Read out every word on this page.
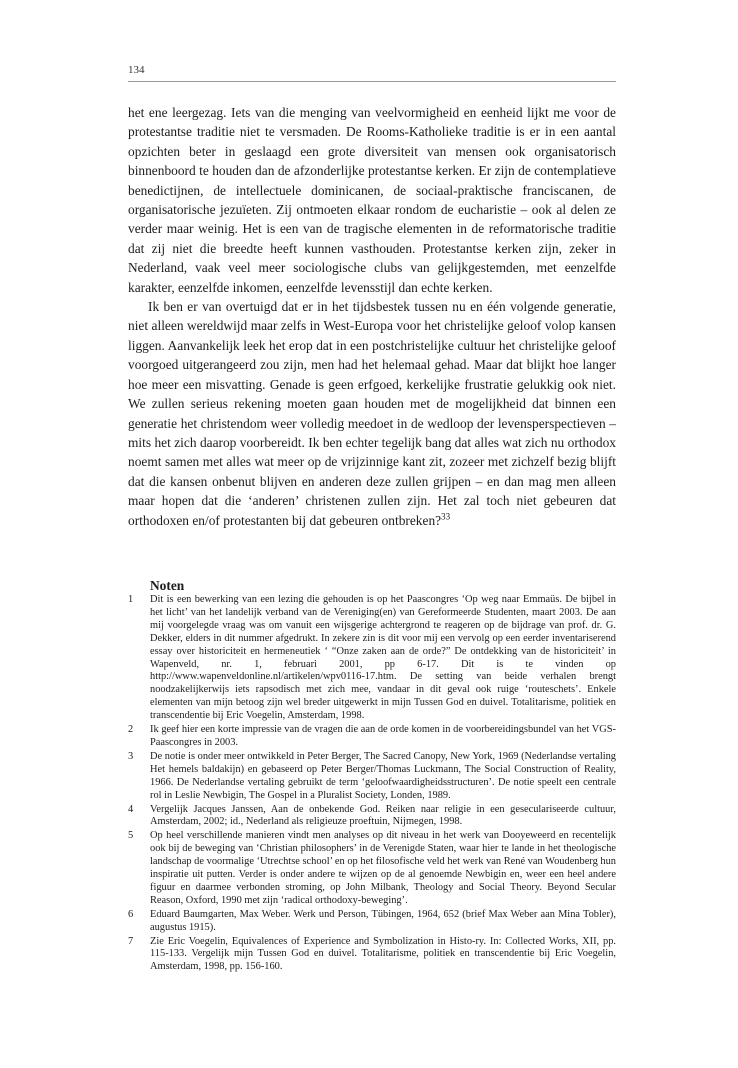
134

het ene leergezag. Iets van die menging van veelvormigheid en eenheid lijkt me voor de protestantse traditie niet te versmaden. De Rooms-Katholieke traditie is er in een aantal opzichten beter in geslaagd een grote diversiteit van mensen ook organisatorisch binnenboord te houden dan de afzonderlijke protestantse kerken. Er zijn de contemplatieve benedictijnen, de intellectuele dominicanen, de sociaal-praktische franciscanen, de organisatorische jezuïeten. Zij ontmoeten elkaar rondom de eucharistie – ook al delen ze verder maar weinig. Het is een van de tragische elementen in de reformatorische traditie dat zij niet die breedte heeft kunnen vasthouden. Protestantse kerken zijn, zeker in Nederland, vaak veel meer sociologische clubs van gelijkgestemden, met eenzelfde karakter, eenzelfde inkomen, eenzelfde levensstijl dan echte kerken.

Ik ben er van overtuigd dat er in het tijdsbestek tussen nu en één volgende generatie, niet alleen wereldwijd maar zelfs in West-Europa voor het christelijke geloof volop kansen liggen. Aanvankelijk leek het erop dat in een postchristelijke cultuur het christelijke geloof voorgoed uitgerangeerd zou zijn, men had het helemaal gehad. Maar dat blijkt hoe langer hoe meer een misvatting. Genade is geen erfgoed, kerkelijke frustratie gelukkig ook niet. We zullen serieus rekening moeten gaan houden met de mogelijkheid dat binnen een generatie het christendom weer volledig meedoet in de wedloop der levensperspectieven – mits het zich daarop voorbereidt. Ik ben echter tegelijk bang dat alles wat zich nu orthodox noemt samen met alles wat meer op de vrijzinnige kant zit, zozeer met zichzelf bezig blijft dat die kansen onbenut blijven en anderen deze zullen grijpen – en dan mag men alleen maar hopen dat die ‘anderen’ christenen zullen zijn. Het zal toch niet gebeuren dat orthodoxen en/of protestanten bij dat gebeuren ontbreken?$^{33}$

Noten
1	Dit is een bewerking van een lezing die gehouden is op het Paascongres ‘Op weg naar Emmaüs. De bijbel in het licht’ van het landelijk verband van de Vereniging(en) van Gereformeerde Studenten, maart 2003. De aan mij voorgelegde vraag was om vanuit een wijsgerige achtergrond te reageren op de bijdrage van prof. dr. G. Dekker, elders in dit nummer afgedrukt. In zekere zin is dit voor mij een vervolg op een eerder inventariserend essay over historiciteit en hermeneutiek ‘ “Onze zaken aan de orde?” De ontdekking van de historiciteit’ in Wapenveld, nr. 1, februari 2001, pp 6-17. Dit is te vinden op http://www.wapenveldonline.nl/artikelen/wpv0116-17.htm. De setting van beide verhalen brengt noodzakelijkerwijs iets rapsodisch met zich mee, vandaar in dit geval ook ruige ‘routeschets’. Enkele elementen van mijn betoog zijn wel breder uitgewerkt in mijn Tussen God en duivel. Totalitarisme, politiek en transcendentie bij Eric Voegelin, Amsterdam, 1998.
2	Ik geef hier een korte impressie van de vragen die aan de orde komen in de voorbereidingsbundel van het VGS-Paascongres in 2003.
3	De notie is onder meer ontwikkeld in Peter Berger, The Sacred Canopy, New York, 1969 (Nederlandse vertaling Het hemels baldakijn) en gebaseerd op Peter Berger/Thomas Luckmann, The Social Construction of Reality, 1966. De Nederlandse vertaling gebruikt de term ‘geloofwaardigheidsstructuren’. De notie speelt een centrale rol in Leslie Newbigin, The Gospel in a Pluralist Society, Londen, 1989.
4	Vergelijk Jacques Janssen, Aan de onbekende God. Reiken naar religie in een geseculariseerde cultuur, Amsterdam, 2002; id., Nederland als religieuze proeftuin, Nijmegen, 1998.
5	Op heel verschillende manieren vindt men analyses op dit niveau in het werk van Dooyeweerd en recentelijk ook bij de beweging van ‘Christian philosophers’ in de Verenigde Staten, waar hier te lande in het theologische landschap de voormalige ‘Utrechtse school’ en op het filosofische veld het werk van René van Woudenberg hun inspiratie uit putten. Verder is onder andere te wijzen op de al genoemde Newbigin en, weer een heel andere figuur en daarmee verbonden stroming, op John Milbank, Theology and Social Theory. Beyond Secular Reason, Oxford, 1990 met zijn ‘radical orthodoxy-beweging’.
6	Eduard Baumgarten, Max Weber. Werk und Person, Tübingen, 1964, 652 (brief Max Weber aan Mina Tobler), augustus 1915).
7	Zie Eric Voegelin, Equivalences of Experience and Symbolization in Histo-ry. In: Collected Works, XII, pp. 115-133. Vergelijk mijn Tussen God en duivel. Totalitarisme, politiek en transcendentie bij Eric Voegelin, Amsterdam, 1998, pp. 156-160.
